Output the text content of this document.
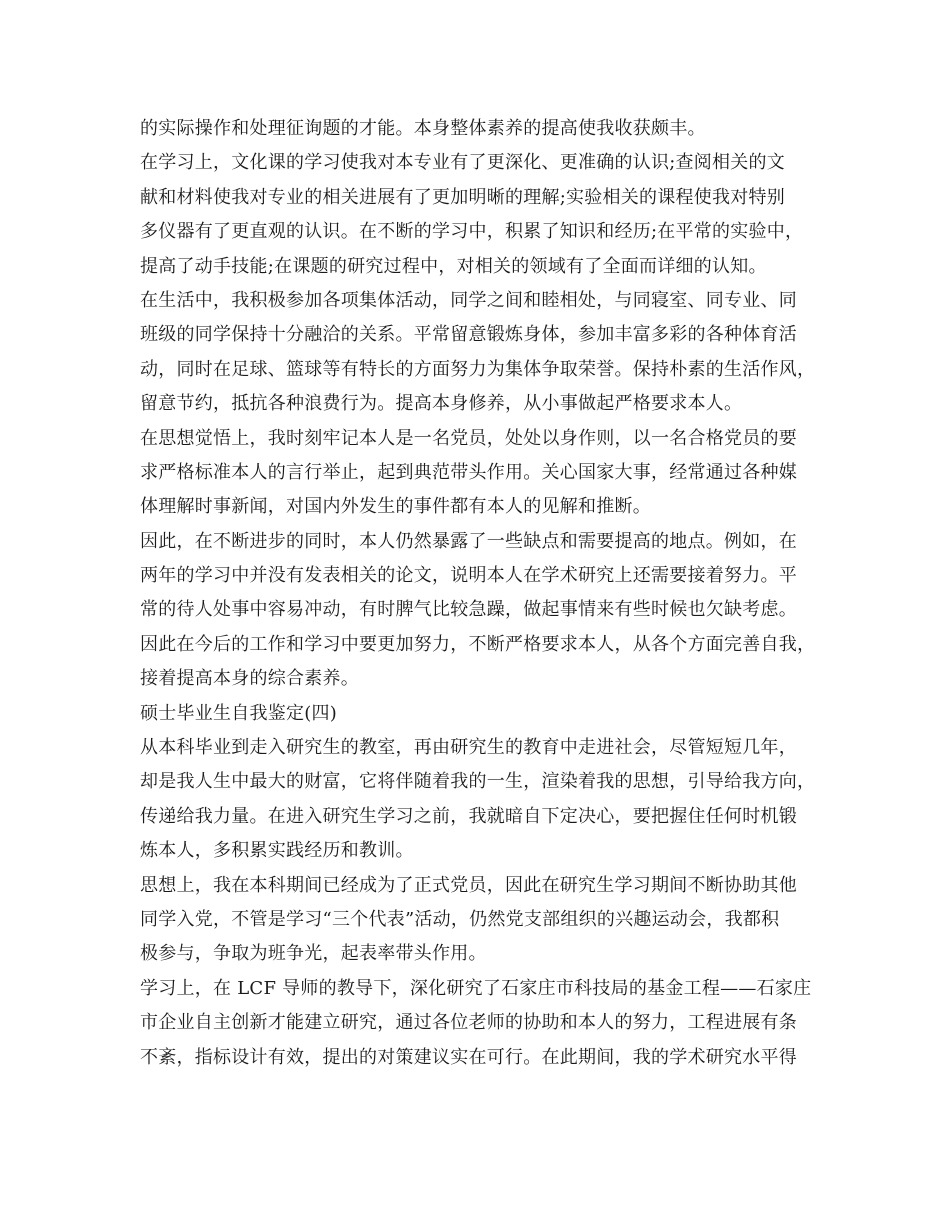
的实际操作和处理征询题的才能。本身整体素养的提高使我收获颇丰。
在学习上，文化课的学习使我对本专业有了更深化、更准确的认识;查阅相关的文
献和材料使我对专业的相关进展有了更加明晰的理解;实验相关的课程使我对特别
多仪器有了更直观的认识。在不断的学习中，积累了知识和经历;在平常的实验中，
提高了动手技能;在课题的研究过程中，对相关的领域有了全面而详细的认知。
在生活中，我积极参加各项集体活动，同学之间和睦相处，与同寝室、同专业、同
班级的同学保持十分融洽的关系。平常留意锻炼身体，参加丰富多彩的各种体育活
动，同时在足球、篮球等有特长的方面努力为集体争取荣誉。保持朴素的生活作风，
留意节约，抵抗各种浪费行为。提高本身修养，从小事做起严格要求本人。
在思想觉悟上，我时刻牢记本人是一名党员，处处以身作则，以一名合格党员的要
求严格标准本人的言行举止，起到典范带头作用。关心国家大事，经常通过各种媒
体理解时事新闻，对国内外发生的事件都有本人的见解和推断。
因此，在不断进步的同时，本人仍然暴露了一些缺点和需要提高的地点。例如，在
两年的学习中并没有发表相关的论文，说明本人在学术研究上还需要接着努力。平
常的待人处事中容易冲动，有时脾气比较急躁，做起事情来有些时候也欠缺考虑。
因此在今后的工作和学习中要更加努力，不断严格要求本人，从各个方面完善自我，
接着提高本身的综合素养。
硕士毕业生自我鉴定(四)
从本科毕业到走入研究生的教室，再由研究生的教育中走进社会，尽管短短几年，
却是我人生中最大的财富，它将伴随着我的一生，渲染着我的思想，引导给我方向，
传递给我力量。在进入研究生学习之前，我就暗自下定决心，要把握住任何时机锻
炼本人，多积累实践经历和教训。
思想上，我在本科期间已经成为了正式党员，因此在研究生学习期间不断协助其他
同学入党，不管是学习“三个代表”活动，仍然党支部组织的兴趣运动会，我都积
极参与，争取为班争光，起表率带头作用。
学习上，在 LCF 导师的教导下，深化研究了石家庄市科技局的基金工程——石家庄
市企业自主创新才能建立研究，通过各位老师的协助和本人的努力，工程进展有条
不紊，指标设计有效，提出的对策建议实在可行。在此期间，我的学术研究水平得
